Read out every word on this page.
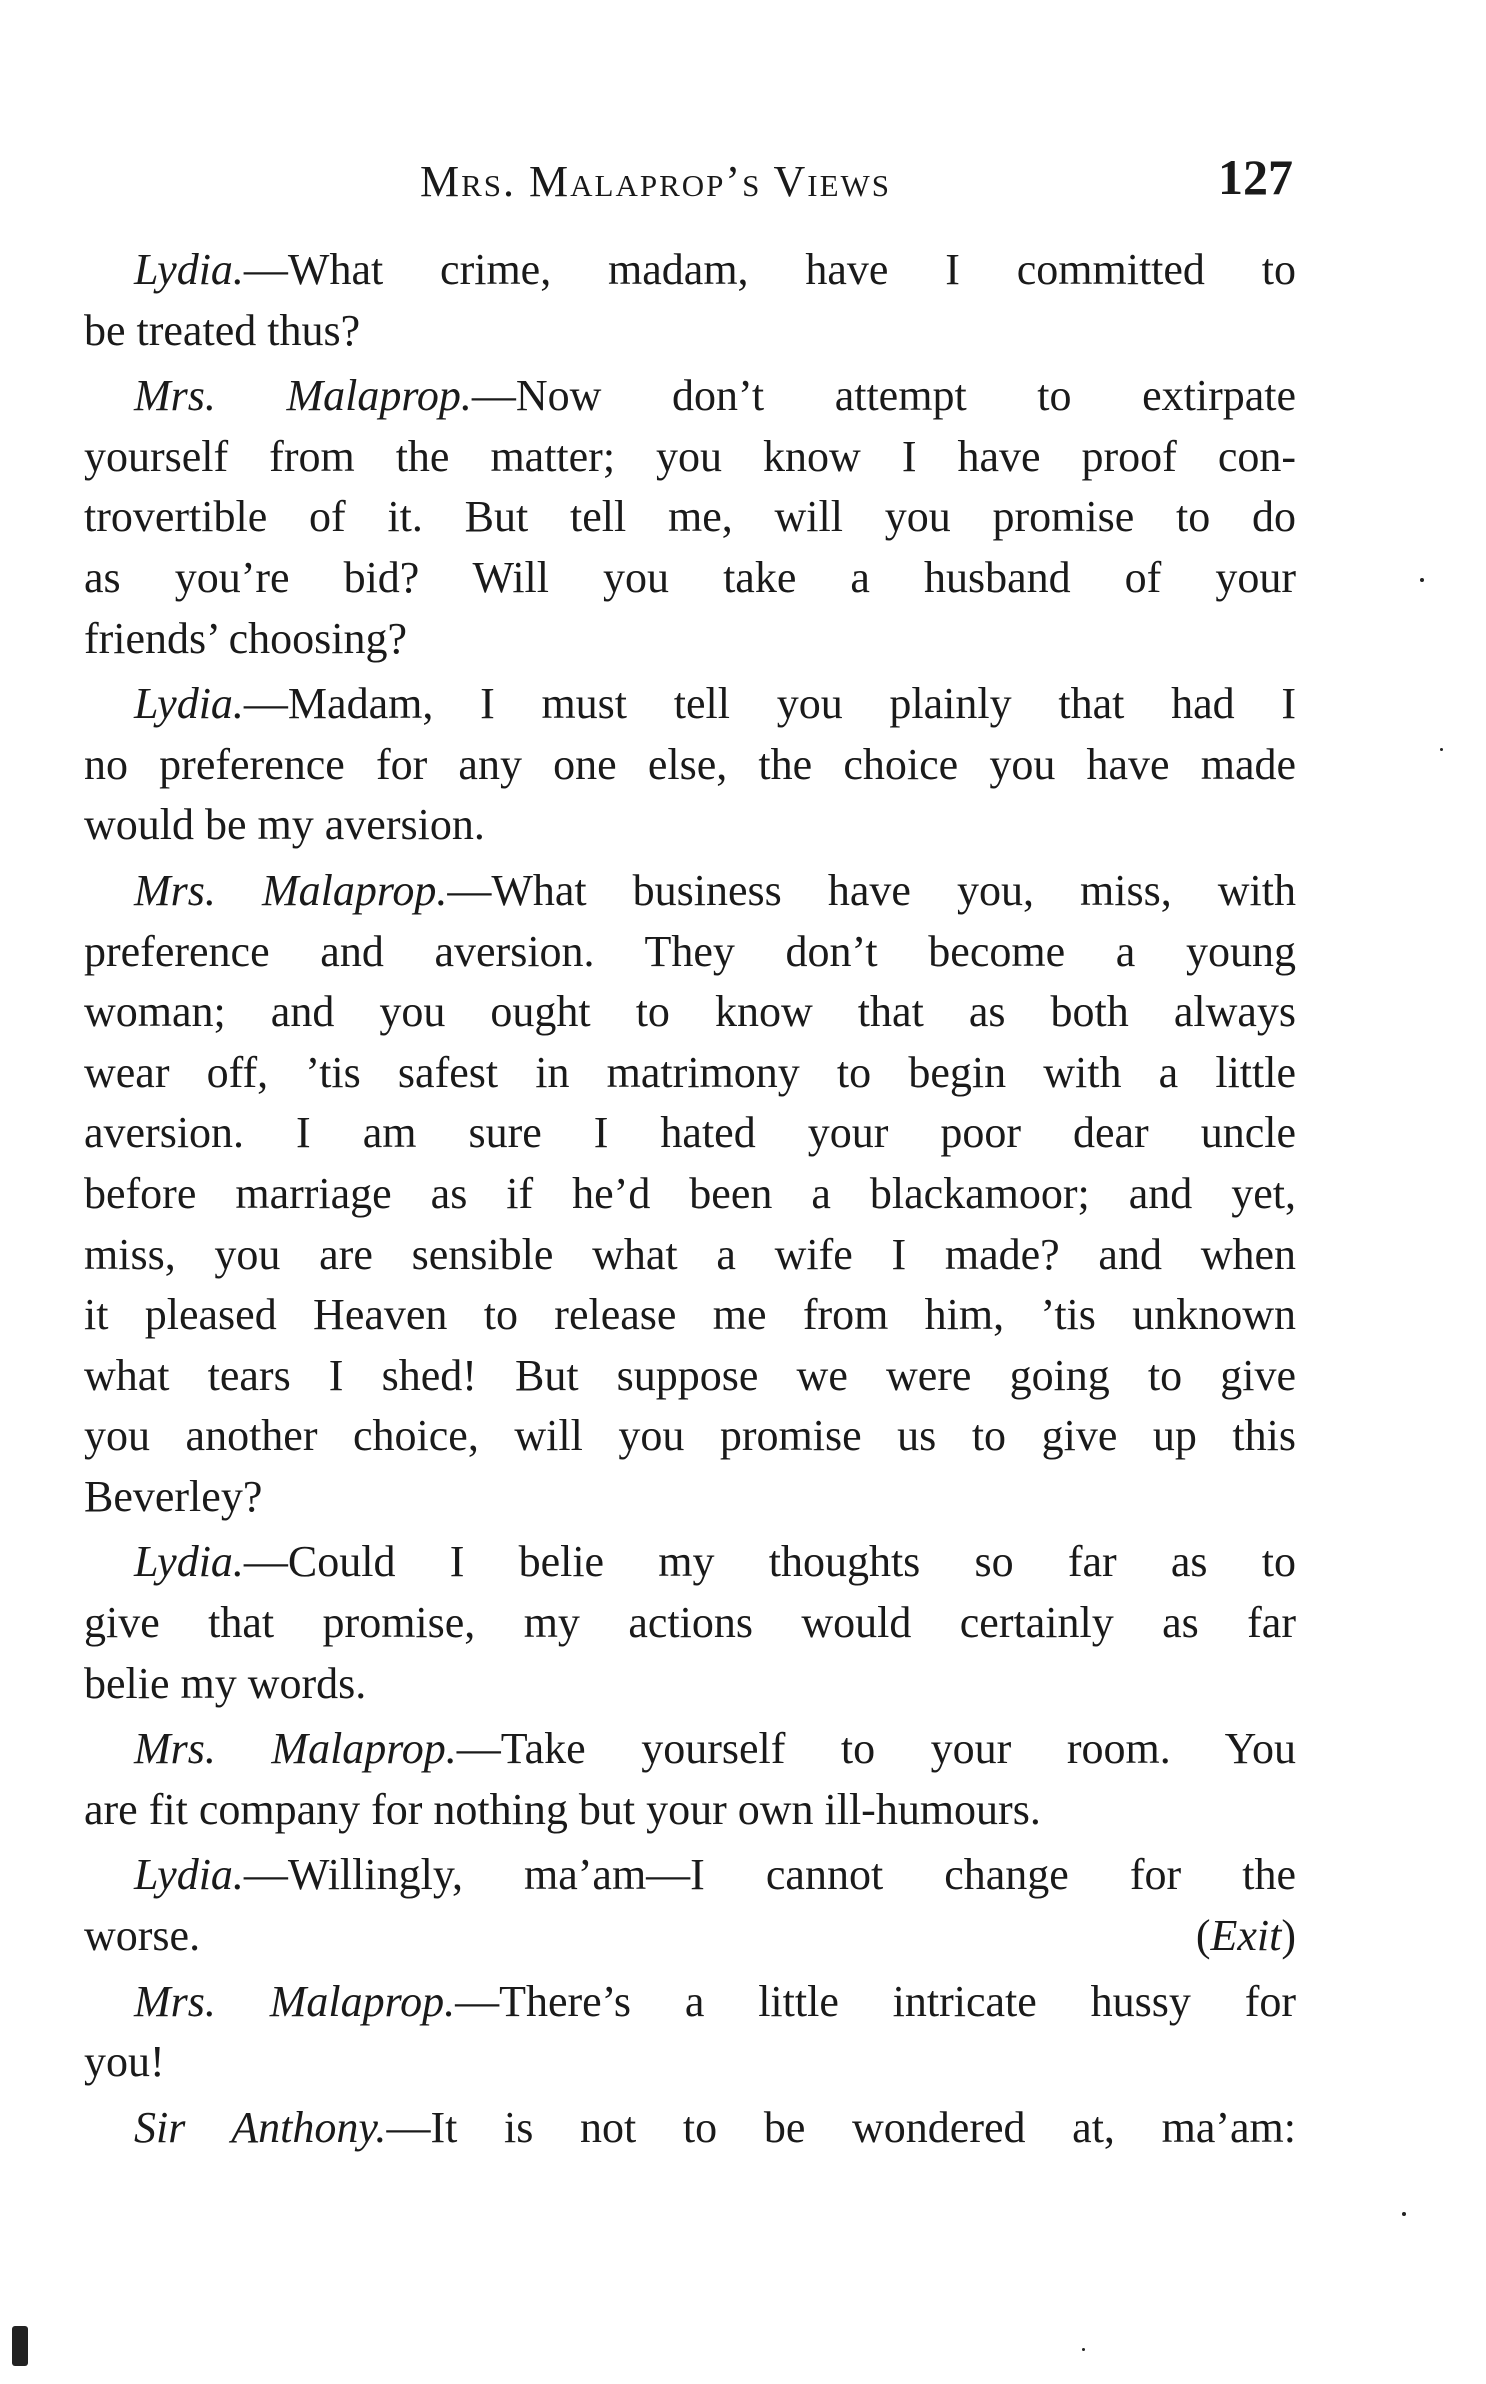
Mrs. Malaprop’s Views	127
Lydia.—What crime, madam, have I committed to
be treated thus?
Mrs. Malaprop.—Now don’t attempt to extirpate
yourself from the matter; you know I have proof con-
trovertible of it. But tell me, will you promise to do
as you’re bid? Will you take a husband of your
friends’ choosing?
Lydia.—Madam, I must tell you plainly that had I
no preference for any one else, the choice you have made
would be my aversion.
Mrs. Malaprop.—What business have you, miss, with
preference and aversion. They don’t become a young
woman; and you ought to know that as both always
wear off, ’tis safest in matrimony to begin with a little
aversion. I am sure I hated your poor dear uncle
before marriage as if he’d been a blackamoor; and yet,
miss, you are sensible what a wife I made? and when
it pleased Heaven to release me from him, ’tis unknown
what tears I shed! But suppose we were going to give
you another choice, will you promise us to give up this
Beverley?
Lydia.—Could I belie my thoughts so far as to
give that promise, my actions would certainly as far
belie my words.
Mrs. Malaprop.—Take yourself to your room. You
are fit company for nothing but your own ill-humours.
Lydia.—Willingly, ma’am—I cannot change for the
worse.	(Exit)
Mrs. Malaprop.—There’s a little intricate hussy for
you!
Sir Anthony.—It is not to be wondered at, ma’am:
